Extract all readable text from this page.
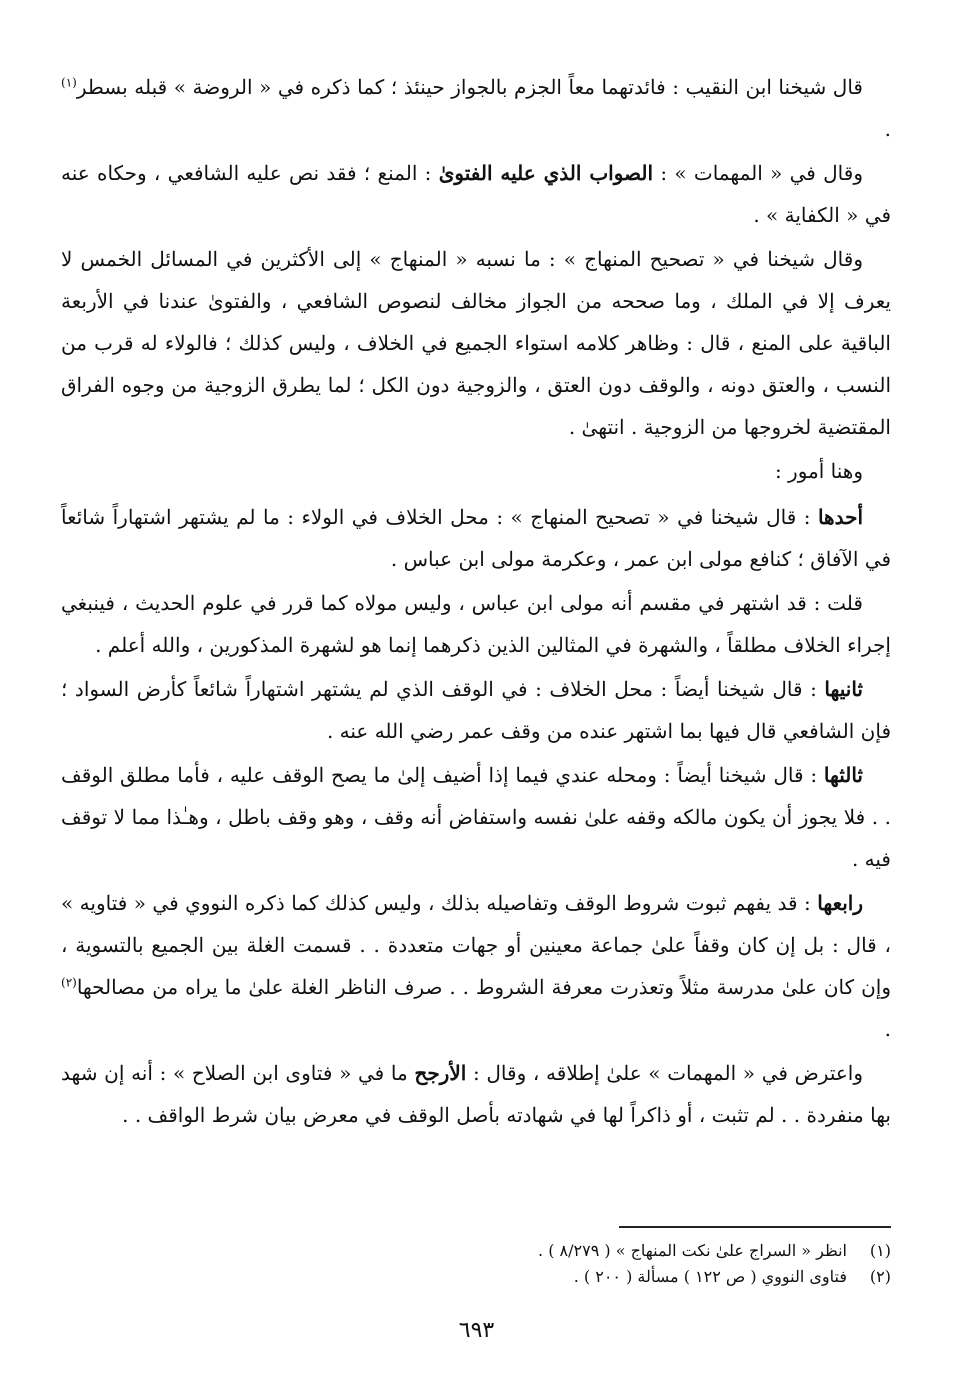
قال شيخنا ابن النقيب : فائدتهما معاً الجزم بالجواز حينئذ ؛ كما ذكره في « الروضة » قبله بسطر$^{(١)}$ .

وقال في « المهمات » : الصواب الذي عليه الفتوىٰ : المنع ؛ فقد نص عليه الشافعي ، وحكاه عنه في « الكفاية » .

وقال شيخنا في « تصحيح المنهاج » : ما نسبه « المنهاج » إلى الأكثرين في المسائل الخمس لا يعرف إلا في الملك ، وما صححه من الجواز مخالف لنصوص الشافعي ، والفتوىٰ عندنا في الأربعة الباقية على المنع ، قال : وظاهر كلامه استواء الجميع في الخلاف ، وليس كذلك ؛ فالولاء له قرب من النسب ، والعتق دونه ، والوقف دون العتق ، والزوجية دون الكل ؛ لما يطرق الزوجية من وجوه الفراق المقتضية لخروجها من الزوجية . انتهىٰ .

وهنا أمور :

أحدها : قال شيخنا في « تصحيح المنهاج » : محل الخلاف في الولاء : ما لم يشتهر اشتهاراً شائعاً في الآفاق ؛ كنافع مولى ابن عمر ، وعكرمة مولى ابن عباس .

قلت : قد اشتهر في مقسم أنه مولى ابن عباس ، وليس مولاه كما قرر في علوم الحديث ، فينبغي إجراء الخلاف مطلقاً ، والشهرة في المثالين الذين ذكرهما إنما هو لشهرة المذكورين ، والله أعلم .

ثانيها : قال شيخنا أيضاً : محل الخلاف : في الوقف الذي لم يشتهر اشتهاراً شائعاً كأرض السواد ؛ فإن الشافعي قال فيها بما اشتهر عنده من وقف عمر رضي الله عنه .

ثالثها : قال شيخنا أيضاً : ومحله عندي فيما إذا أضيف إلىٰ ما يصح الوقف عليه ، فأما مطلق الوقف . . فلا يجوز أن يكون مالكه وقفه علىٰ نفسه واستفاض أنه وقف ، وهو وقف باطل ، وهـٰذا مما لا توقف فيه .

رابعها : قد يفهم ثبوت شروط الوقف وتفاصيله بذلك ، وليس كذلك كما ذكره النووي في « فتاويه » ، قال : بل إن كان وقفاً علىٰ جماعة معينين أو جهات متعددة . . قسمت الغلة بين الجميع بالتسوية ، وإن كان علىٰ مدرسة مثلاً وتعذرت معرفة الشروط . . صرف الناظر الغلة علىٰ ما يراه من مصالحها$^{(٢)}$ .

واعترض في « المهمات » علىٰ إطلاقه ، وقال : الأرجح ما في « فتاوى ابن الصلاح » : أنه إن شهد بها منفردة . . لم تثبت ، أو ذاكراً لها في شهادته بأصل الوقف في معرض بيان شرط الواقف . .

(١)
انظر « السراج علىٰ نكت المنهاج » ( ٨/٢٧٩ ) .
(٢)
فتاوى النووي ( ص ١٢٢ ) مسألة ( ٢٠٠ ) .
٦٩٣
